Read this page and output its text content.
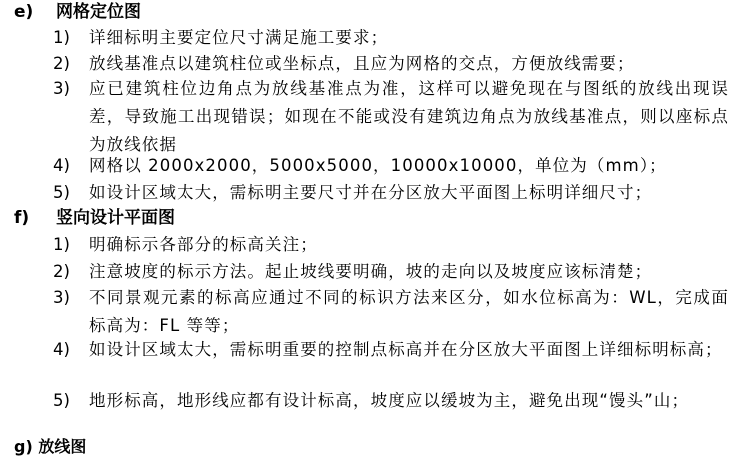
e) 网格定位图
1)	详细标明主要定位尺寸满足施工要求；
2)	放线基准点以建筑柱位或坐标点，且应为网格的交点，方便放线需要；
3)	应已建筑柱位边角点为放线基准点为准，这样可以避免现在与图纸的放线出现误差，导致施工出现错误；如现在不能或没有建筑边角点为放线基准点，则以座标点为放线依据
4)	网格以 2000x2000，5000x5000，10000x10000，单位为（mm）；
5)	如设计区域太大，需标明主要尺寸并在分区放大平面图上标明详细尺寸；
f) 竖向设计平面图
1)	明确标示各部分的标高关注；
2)	注意坡度的标示方法。起止坡线要明确，坡的走向以及坡度应该标清楚；
3)	不同景观元素的标高应通过不同的标识方法来区分，如水位标高为：WL，完成面标高为：FL 等等；
4)	如设计区域太大，需标明重要的控制点标高并在分区放大平面图上详细标明标高；
5)	地形标高，地形线应都有设计标高，坡度应以缓坡为主，避免出现“馒头”山；
g) 放线图
